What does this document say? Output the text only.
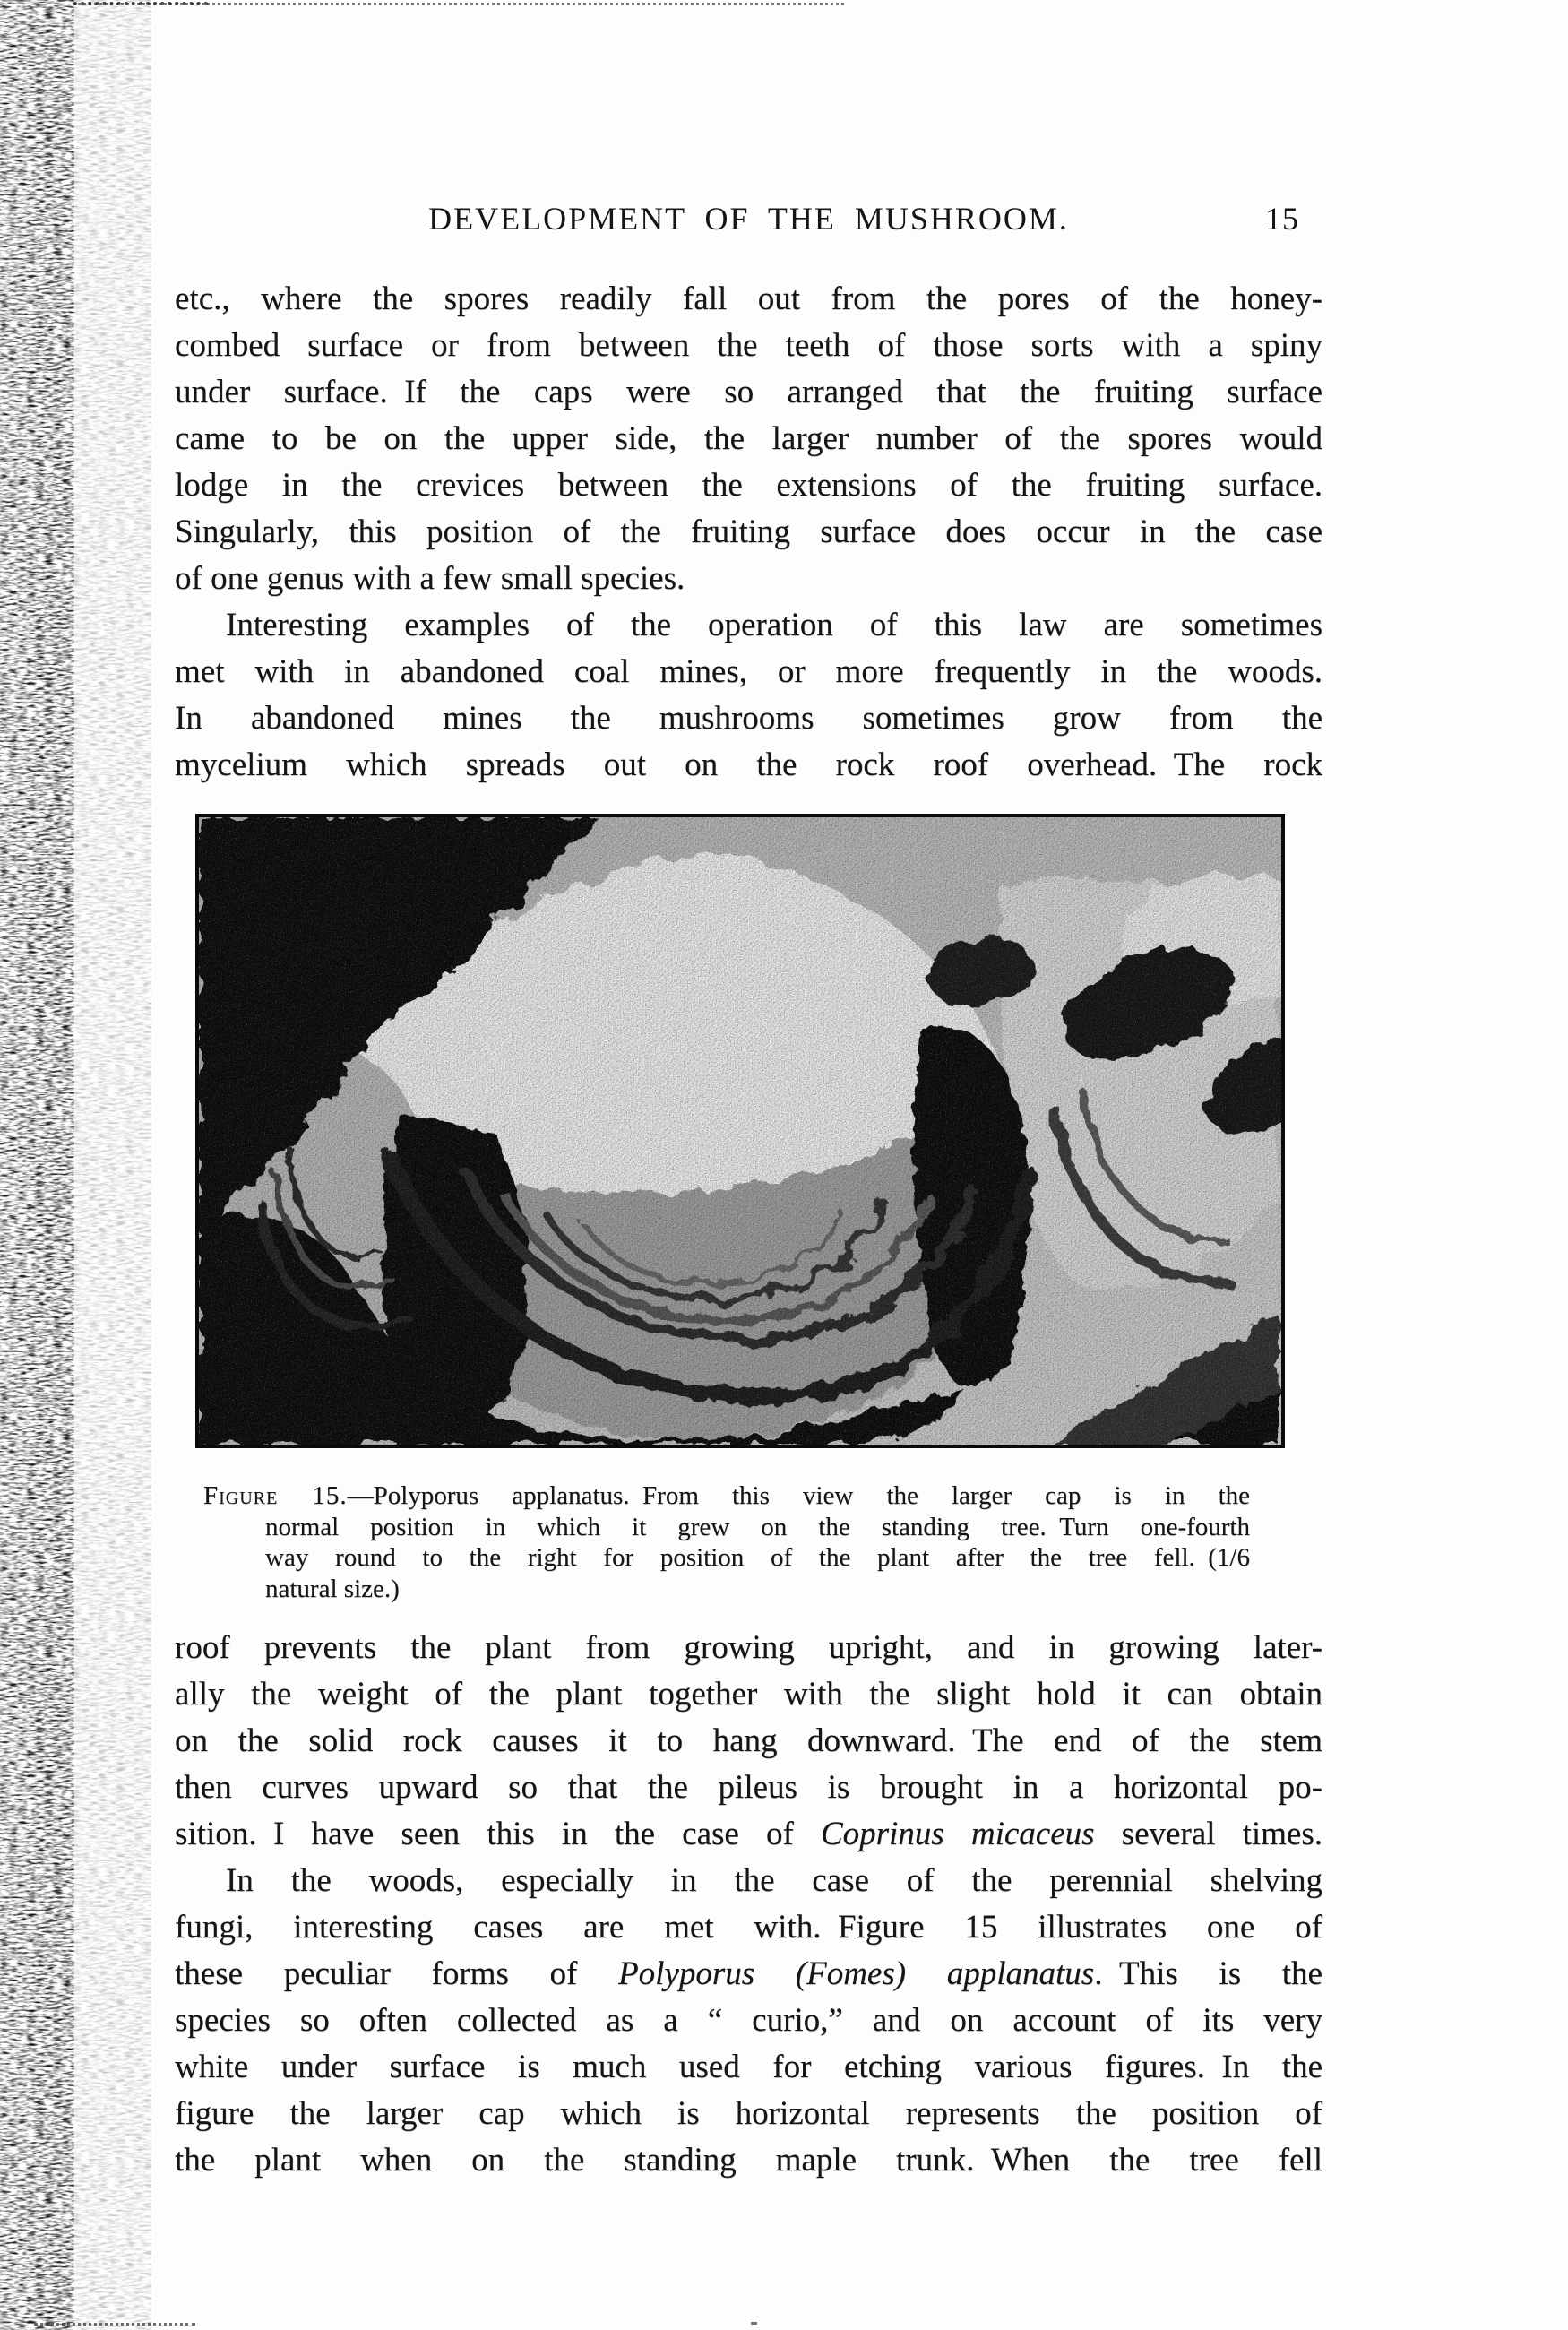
DEVELOPMENT OF THE MUSHROOM.	15
etc., where the spores readily fall out from the pores of the honey-
combed surface or from between the teeth of those sorts with a spiny
under surface. If the caps were so arranged that the fruiting surface
came to be on the upper side, the larger number of the spores would
lodge in the crevices between the extensions of the fruiting surface.
Singularly, this position of the fruiting surface does occur in the case
of one genus with a few small species.
Interesting examples of the operation of this law are sometimes
met with in abandoned coal mines, or more frequently in the woods.
In abandoned mines the mushrooms sometimes grow from the
mycelium which spreads out on the rock roof overhead. The rock
Figure 15.—Polyporus applanatus. From this view the larger cap is in the
normal position in which it grew on the standing tree. Turn one-fourth
way round to the right for position of the plant after the tree fell. (1/6
natural size.)
roof prevents the plant from growing upright, and in growing later-
ally the weight of the plant together with the slight hold it can obtain
on the solid rock causes it to hang downward. The end of the stem
then curves upward so that the pileus is brought in a horizontal po-
sition. I have seen this in the case of Coprinus micaceus several times.
In the woods, especially in the case of the perennial shelving
fungi, interesting cases are met with. Figure 15 illustrates one of
these peculiar forms of Polyporus (Fomes) applanatus. This is the
species so often collected as a “ curio,” and on account of its very
white under surface is much used for etching various figures. In the
figure the larger cap which is horizontal represents the position of
the plant when on the standing maple trunk. When the tree fell
